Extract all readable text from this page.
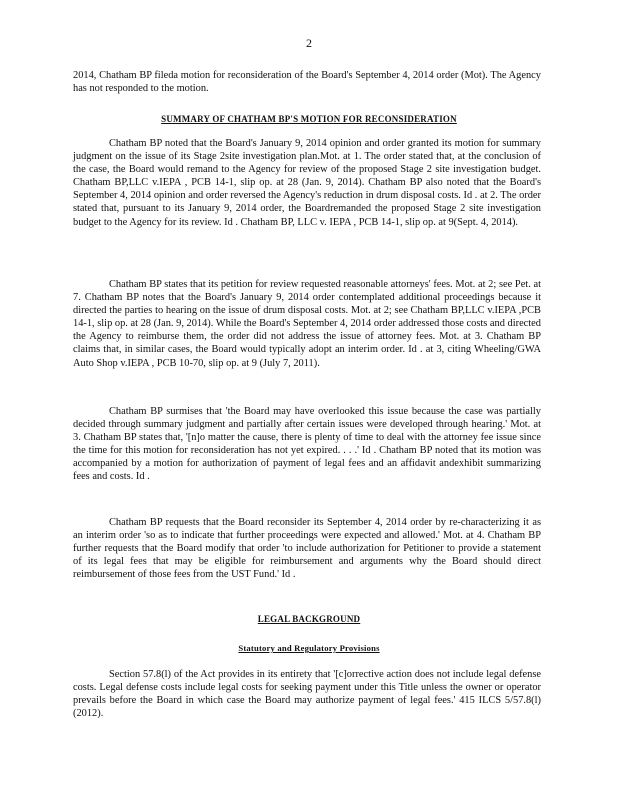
2
2014, Chatham BP fileda motion for reconsideration of the Board's September 4, 2014 order (Mot). The Agency has not responded to the motion.
SUMMARY OF CHATHAM BP'S MOTION FOR RECONSIDERATION
Chatham BP noted that the Board's January 9, 2014 opinion and order granted its motion for summary judgment on the issue of its Stage 2site investigation plan.Mot. at 1. The order stated that, at the conclusion of the case, the Board would remand to the Agency for review of the proposed Stage 2 site investigation budget. Chatham BP,LLC v.IEPA , PCB 14-1, slip op. at 28 (Jan. 9, 2014). Chatham BP also noted that the Board's September 4, 2014 opinion and order reversed the Agency's reduction in drum disposal costs. Id . at 2. The order stated that, pursuant to its January 9, 2014 order, the Boardremanded the proposed Stage 2 site investigation budget to the Agency for its review. Id . Chatham BP, LLC v. IEPA , PCB 14-1, slip op. at 9(Sept. 4, 2014).
Chatham BP states that its petition for review requested reasonable attorneys' fees. Mot. at 2; see Pet. at 7. Chatham BP notes that the Board's January 9, 2014 order contemplated additional proceedings because it directed the parties to hearing on the issue of drum disposal costs. Mot. at 2; see Chatham BP,LLC v.IEPA ,PCB 14-1, slip op. at 28 (Jan. 9, 2014). While the Board's September 4, 2014 order addressed those costs and directed the Agency to reimburse them, the order did not address the issue of attorney fees. Mot. at 3. Chatham BP claims that, in similar cases, the Board would typically adopt an interim order. Id . at 3, citing Wheeling/GWA Auto Shop v.IEPA , PCB 10-70, slip op. at 9 (July 7, 2011).
Chatham BP surmises that 'the Board may have overlooked this issue because the case was partially decided through summary judgment and partially after certain issues were developed through hearing.' Mot. at 3. Chatham BP states that, '[n]o matter the cause, there is plenty of time to deal with the attorney fee issue since the time for this motion for reconsideration has not yet expired. . . .' Id . Chatham BP noted that its motion was accompanied by a motion for authorization of payment of legal fees and an affidavit andexhibit summarizing fees and costs. Id .
Chatham BP requests that the Board reconsider its September 4, 2014 order by re-characterizing it as an interim order 'so as to indicate that further proceedings were expected and allowed.' Mot. at 4. Chatham BP further requests that the Board modify that order 'to include authorization for Petitioner to provide a statement of its legal fees that may be eligible for reimbursement and arguments why the Board should direct reimbursement of those fees from the UST Fund.' Id .
LEGAL BACKGROUND
Statutory and Regulatory Provisions
Section 57.8(l) of the Act provides in its entirety that '[c]orrective action does not include legal defense costs. Legal defense costs include legal costs for seeking payment under this Title unless the owner or operator prevails before the Board in which case the Board may authorize payment of legal fees.' 415 ILCS 5/57.8(l) (2012).
